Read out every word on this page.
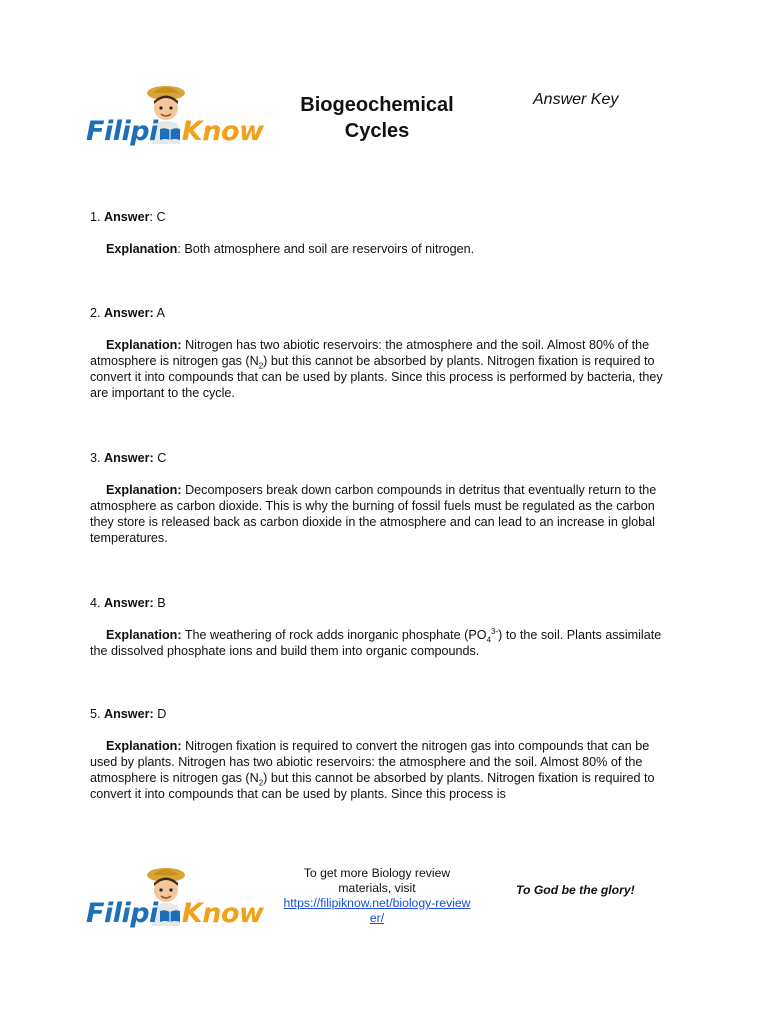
Filipi Know
Biogeochemical
Cycles
Answer Key

1. Answer: C

Explanation: Both atmosphere and soil are reservoirs of nitrogen.

2. Answer: A

Explanation: Nitrogen has two abiotic reservoirs: the atmosphere and the soil. Almost 80% of the atmosphere is nitrogen gas $(N_2)$ but this cannot be absorbed by plants. Nitrogen fixation is required to convert it into compounds that can be used by plants. Since this process is performed by bacteria, they are important to the cycle.

3. Answer: C

Explanation: Decomposers break down carbon compounds in detritus that eventually return to the atmosphere as carbon dioxide. This is why the burning of fossil fuels must be regulated as the carbon they store is released back as carbon dioxide in the atmosphere and can lead to an increase in global temperatures.

4. Answer: B

Explanation: The weathering of rock adds inorganic phosphate $(PO_4^{3-})$ to the soil. Plants assimilate the dissolved phosphate ions and build them into organic compounds.

5. Answer: D

Explanation: Nitrogen fixation is required to convert the nitrogen gas into compounds that can be used by plants. Nitrogen has two abiotic reservoirs: the atmosphere and the soil. Almost 80% of the atmosphere is nitrogen gas $(N_2)$ but this cannot be absorbed by plants. Nitrogen fixation is required to convert it into compounds that can be used by plants. Since this process is

Filipi Know
To get more Biology review materials, visit
https://filipiknow.net/biology-reviewer/
To God be the glory!
